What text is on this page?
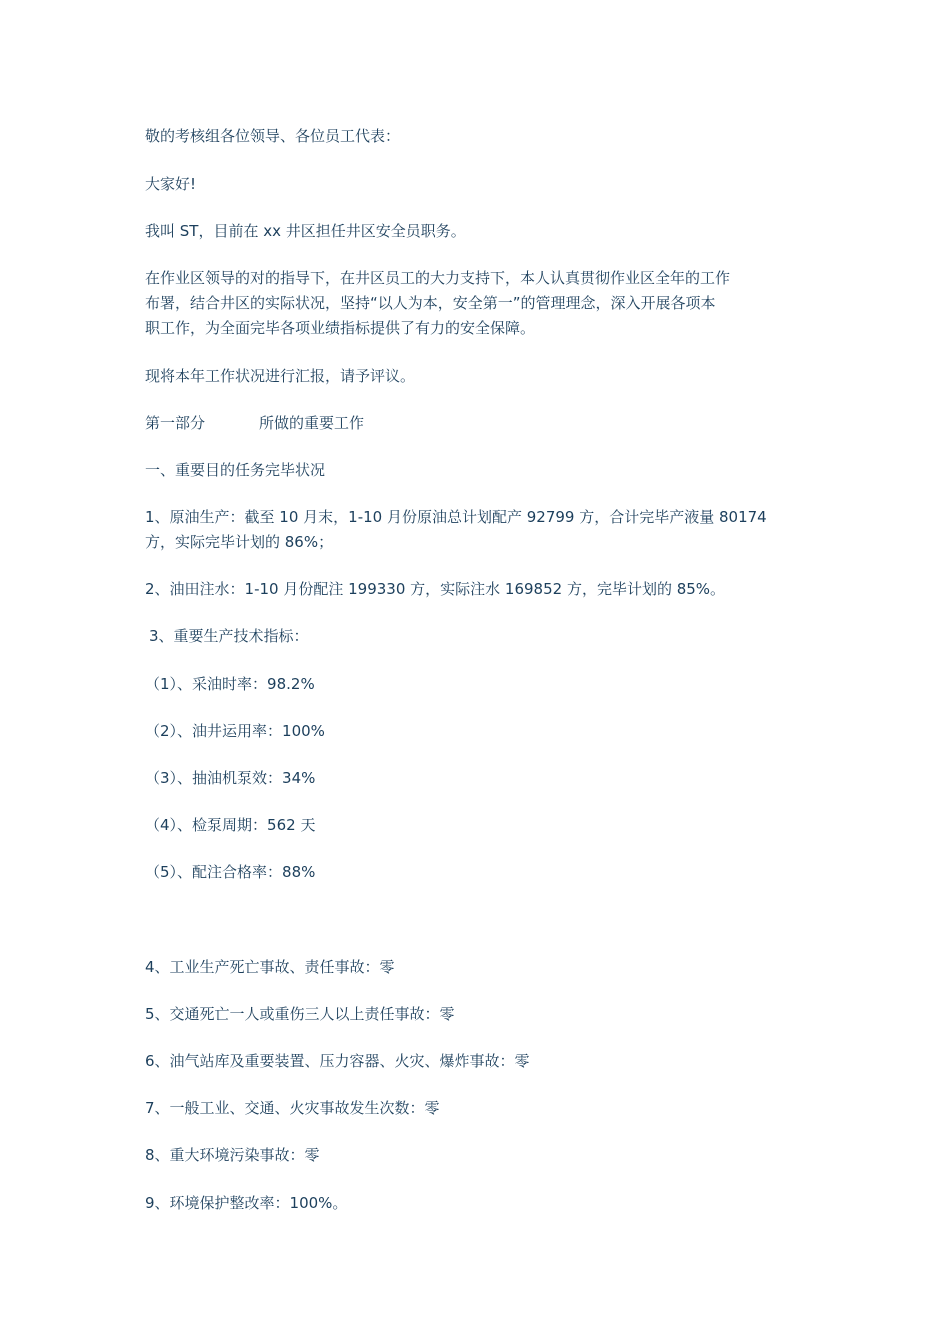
敬的考核组各位领导、各位员工代表：

大家好!

我叫 ST，目前在 xx 井区担任井区安全员职务。

在作业区领导的对的指导下，在井区员工的大力支持下，本人认真贯彻作业区全年的工作

布署，结合井区的实际状况，坚持“以人为本，安全第一”的管理理念，深入开展各项本

职工作，为全面完毕各项业绩指标提供了有力的安全保障。

现将本年工作状况进行汇报，请予评议。

第一部分	所做的重要工作

一、重要目的任务完毕状况

1、原油生产：截至 10 月末，1-10 月份原油总计划配产 92799 方，合计完毕产液量 80174

方，实际完毕计划的 86%；

2、油田注水：1-10 月份配注 199330 方，实际注水 169852 方，完毕计划的 85%。

3、重要生产技术指标：

（1）、采油时率：98.2%

（2）、油井运用率：100%

（3）、抽油机泵效：34%

（4）、检泵周期：562 天

（5）、配注合格率：88%

4、工业生产死亡事故、责任事故：零

5、交通死亡一人或重伤三人以上责任事故：零

6、油气站库及重要装置、压力容器、火灾、爆炸事故：零

7、一般工业、交通、火灾事故发生次数：零

8、重大环境污染事故：零

9、环境保护整改率：100%。
